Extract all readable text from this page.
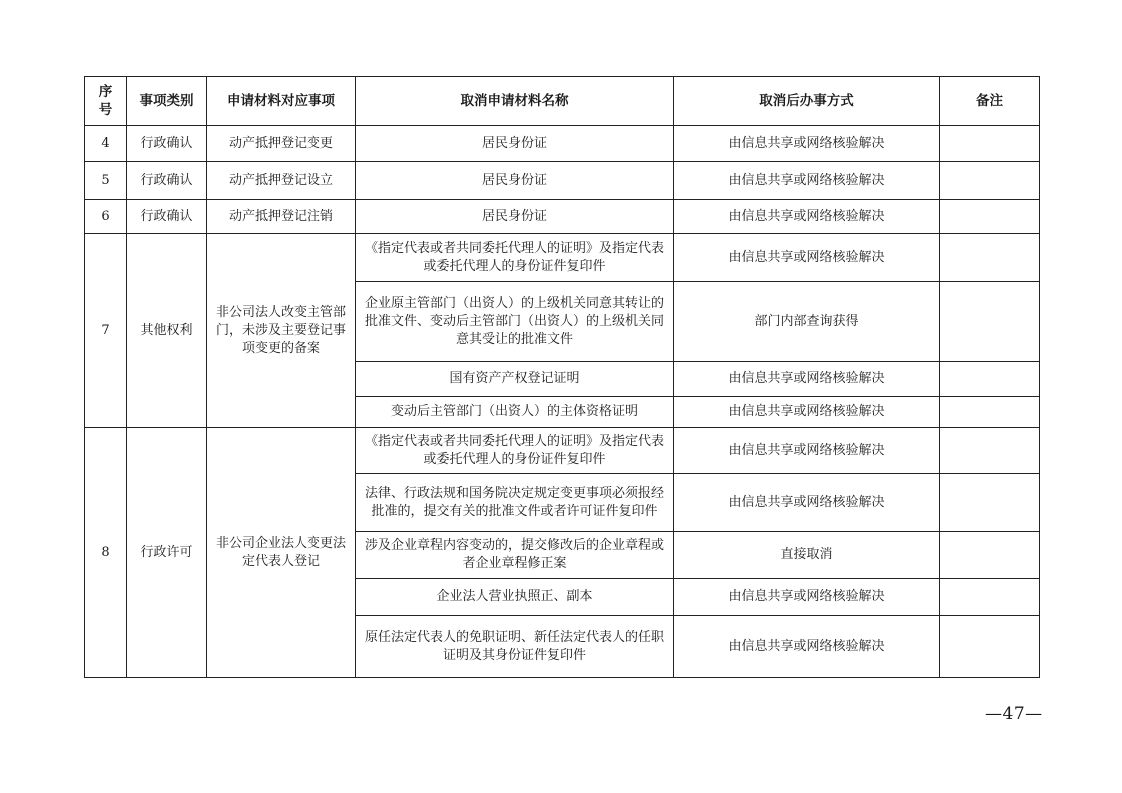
序
号	事项类别	申请材料对应事项	取消申请材料名称	取消后办事方式	备注
4	行政确认	动产抵押登记变更	居民身份证	由信息共享或网络核验解决	
5	行政确认	动产抵押登记设立	居民身份证	由信息共享或网络核验解决	
6	行政确认	动产抵押登记注销	居民身份证	由信息共享或网络核验解决	
7	其他权利	非公司法人改变主管部门，未涉及主要登记事项变更的备案	《指定代表或者共同委托代理人的证明》及指定代表或委托代理人的身份证件复印件	由信息共享或网络核验解决	
			企业原主管部门（出资人）的上级机关同意其转让的批准文件、变动后主管部门（出资人）的上级机关同意其受让的批准文件	部门内部查询获得	
			国有资产产权登记证明	由信息共享或网络核验解决	
			变动后主管部门（出资人）的主体资格证明	由信息共享或网络核验解决	
8	行政许可	非公司企业法人变更法定代表人登记	《指定代表或者共同委托代理人的证明》及指定代表或委托代理人的身份证件复印件	由信息共享或网络核验解决	
			法律、行政法规和国务院决定规定变更事项必须报经批准的，提交有关的批准文件或者许可证件复印件	由信息共享或网络核验解决	
			涉及企业章程内容变动的，提交修改后的企业章程或者企业章程修正案	直接取消	
			企业法人营业执照正、副本	由信息共享或网络核验解决	
			原任法定代表人的免职证明、新任法定代表人的任职证明及其身份证件复印件	由信息共享或网络核验解决	
—47—
